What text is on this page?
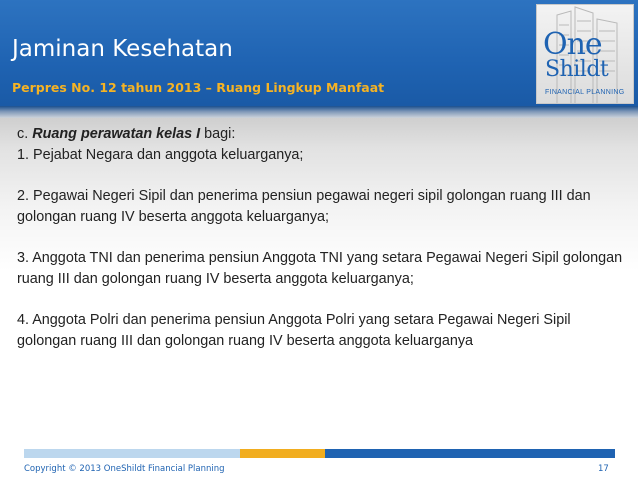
Jaminan Kesehatan
Perpres No. 12 tahun 2013 – Ruang Lingkup Manfaat
One
Shildt
FINANCIAL PLANNING

c. Ruang perawatan kelas I bagi:

1. Pejabat Negara dan anggota keluarganya;

2. Pegawai Negeri Sipil dan penerima pensiun pegawai negeri sipil golongan ruang III dan golongan ruang IV beserta anggota keluarganya;

3. Anggota TNI dan penerima pensiun Anggota TNI yang setara Pegawai Negeri Sipil golongan ruang III dan golongan ruang IV beserta anggota keluarganya;

4. Anggota Polri dan penerima pensiun Anggota Polri yang setara Pegawai Negeri Sipil golongan ruang III dan golongan ruang IV beserta anggota keluarganya

Copyright © 2013 OneShildt Financial Planning	17
